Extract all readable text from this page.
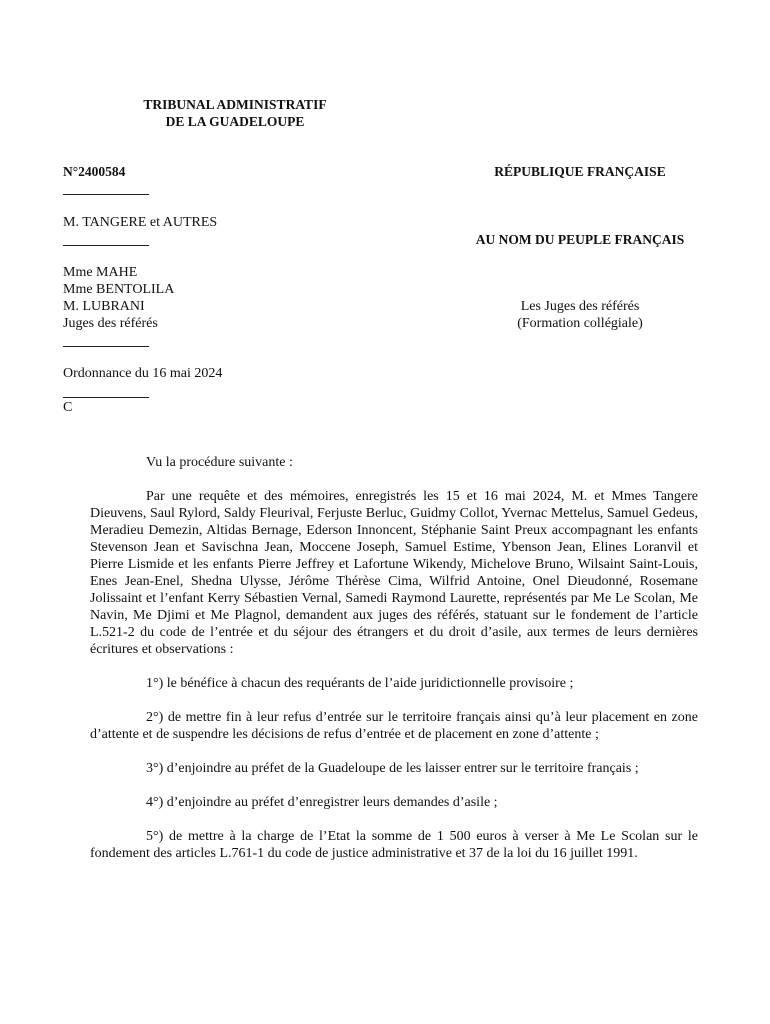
TRIBUNAL ADMINISTRATIF
DE LA GUADELOUPE
N°2400584	RÉPUBLIQUE FRANÇAISE
M. TANGERE et AUTRES
AU NOM DU PEUPLE FRANÇAIS
Mme MAHE
Mme BENTOLILA
M. LUBRANI
Juges des référés
Les Juges des référés
(Formation collégiale)
Ordonnance du 16 mai 2024
C

Vu la procédure suivante :

Par une requête et des mémoires, enregistrés les 15 et 16 mai 2024, M. et Mmes Tangere Dieuvens, Saul Rylord, Saldy Fleurival, Ferjuste Berluc, Guidmy Collot, Yvernac Mettelus, Samuel Gedeus, Meradieu Demezin, Altidas Bernage, Ederson Innoncent, Stéphanie Saint Preux accompagnant les enfants Stevenson Jean et Savischna Jean, Moccene Joseph, Samuel Estime, Ybenson Jean, Elines Loranvil et Pierre Lismide et les enfants Pierre Jeffrey et Lafortune Wikendy, Michelove Bruno, Wilsaint Saint-Louis, Enes Jean-Enel, Shedna Ulysse, Jérôme Thérèse Cima, Wilfrid Antoine, Onel Dieudonné, Rosemane Jolissaint et l’enfant Kerry Sébastien Vernal, Samedi Raymond Laurette, représentés par Me Le Scolan, Me Navin, Me Djimi et Me Plagnol, demandent aux juges des référés, statuant sur le fondement de l’article L.521-2 du code de l’entrée et du séjour des étrangers et du droit d’asile, aux termes de leurs dernières écritures et observations :

1°) le bénéfice à chacun des requérants de l’aide juridictionnelle provisoire ;

2°) de mettre fin à leur refus d’entrée sur le territoire français ainsi qu’à leur placement en zone d’attente et de suspendre les décisions de refus d’entrée et de placement en zone d’attente ;

3°) d’enjoindre au préfet de la Guadeloupe de les laisser entrer sur le territoire français ;

4°) d’enjoindre au préfet d’enregistrer leurs demandes d’asile ;

5°) de mettre à la charge de l’Etat la somme de 1 500 euros à verser à Me Le Scolan sur le fondement des articles L.761-1 du code de justice administrative et 37 de la loi du 16 juillet 1991.
